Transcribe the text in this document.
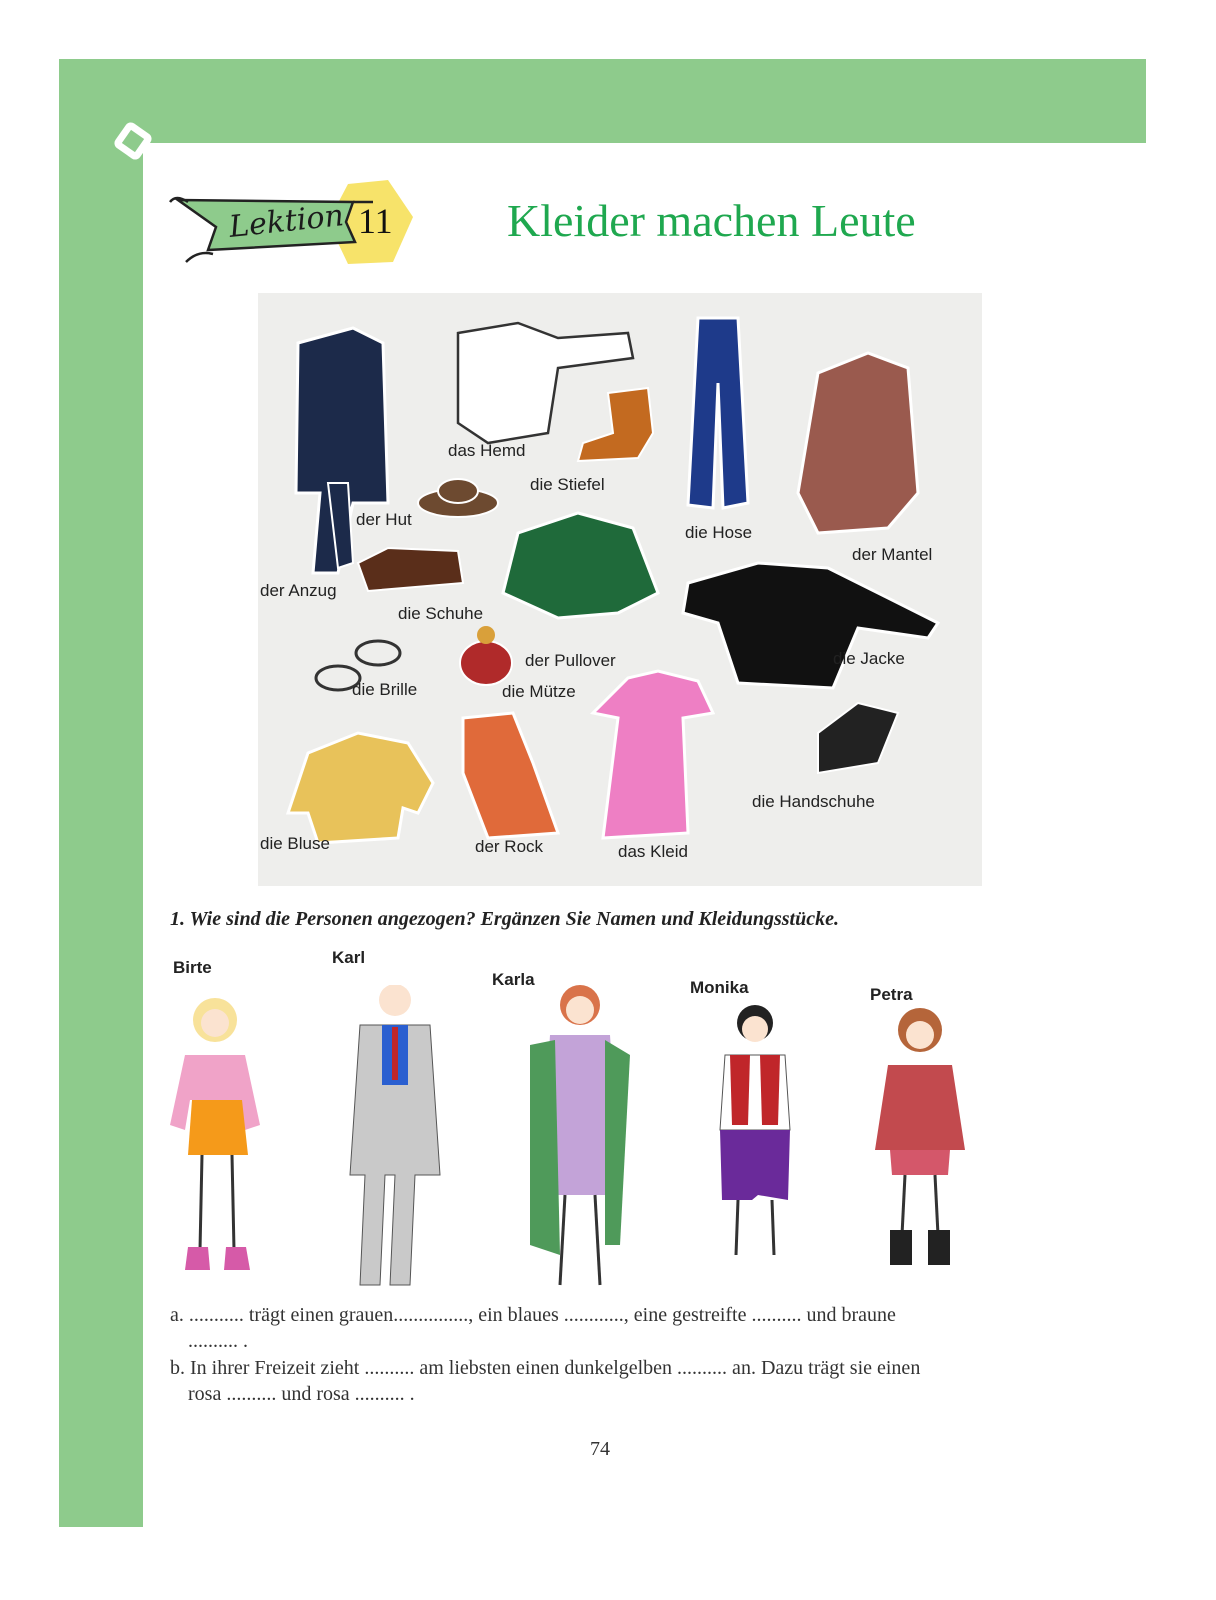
Lektion 11 Kleider machen Leute
das Hemd
die Stiefel
der Hut
die Hose
der Mantel
der Anzug
die Schuhe
der Pullover	die Jacke
die Brille	die Mütze
die Handschuhe
die Bluse	der Rock	das Kleid
1. Wie sind die Personen angezogen? Ergänzen Sie Namen und Kleidungsstücke.
Birte
Karl
Karla	Monika	Petra
a. ........... trägt einen grauen..............., ein blaues ............, eine gestreifte .......... und braune
.......... .
b. In ihrer Freizeit zieht .......... am liebsten einen dunkelgelben .......... an. Dazu trägt sie einen
rosa .......... und rosa .......... .
74
